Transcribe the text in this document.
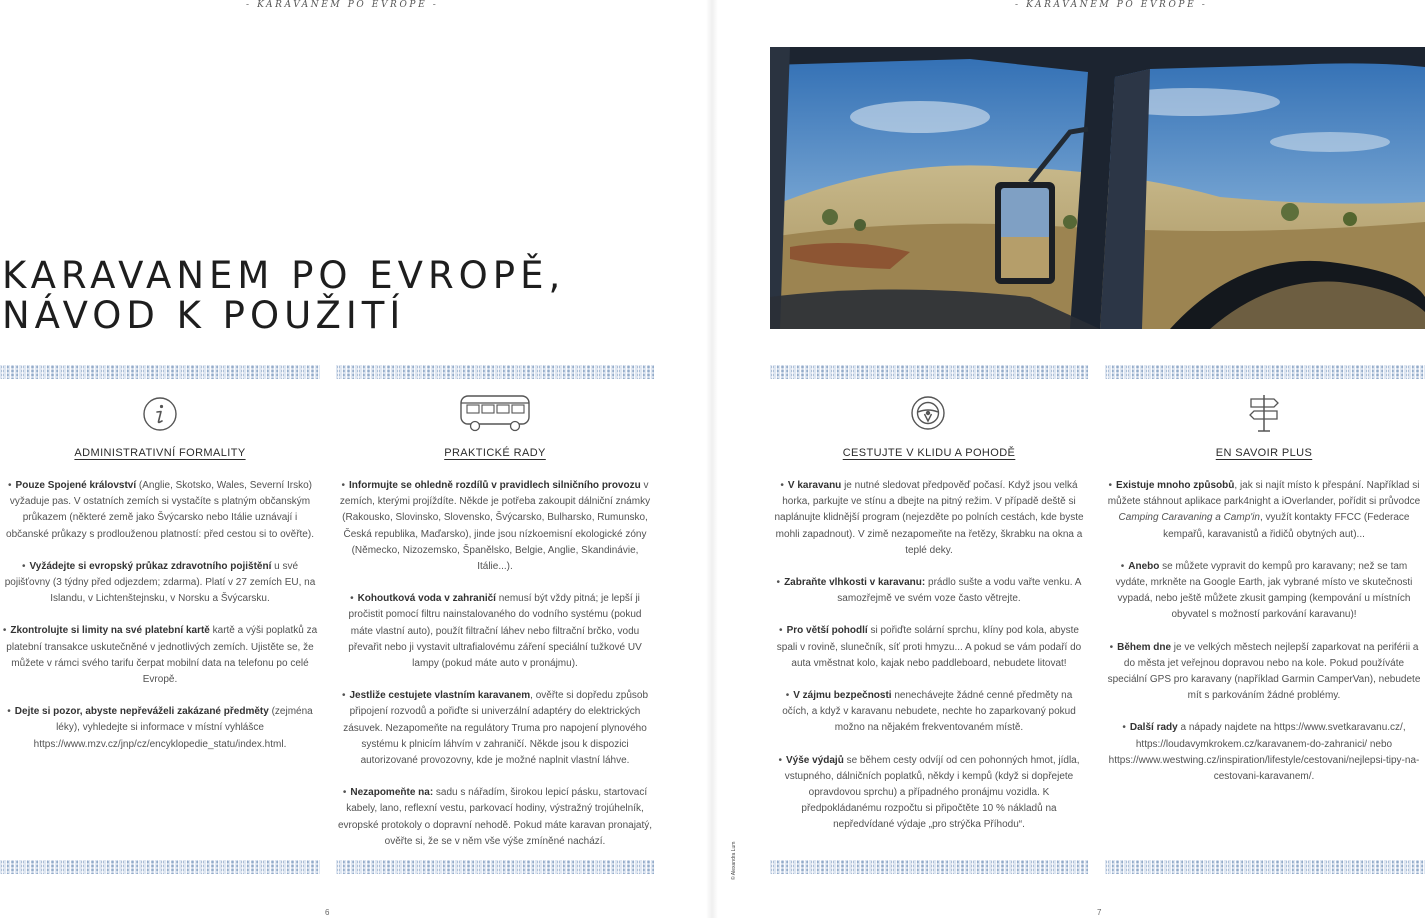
- KARAVANEM PO EVROPĚ -
KARAVANEM PO EVROPĚ,
NÁVOD K POUŽITÍ
ADMINISTRATIVNÍ FORMALITY

• Pouze Spojené království (Anglie, Skotsko, Wales, Severní Irsko) vyžaduje pas. V ostatních zemích si vystačíte s platným občanským průkazem (některé země jako Švýcarsko nebo Itálie uznávají i občanské průkazy s prodlouženou platností: před cestou si to ověřte).

• Vyžádejte si evropský průkaz zdravotního pojištění u své pojišťovny (3 týdny před odjezdem; zdarma). Platí v 27 zemích EU, na Islandu, v Lichtenštejnsku, v Norsku a Švýcarsku.

• Zkontrolujte si limity na své platební kartě kartě a výši poplatků za platební transakce uskutečněné v jednotlivých zemích. Ujistěte se, že můžete v rámci svého tarifu čerpat mobilní data na telefonu po celé Evropě.

• Dejte si pozor, abyste nepřeváželi zakázané předměty (zejména léky), vyhledejte si informace v místní vyhlášce https://www.mzv.cz/jnp/cz/encyklopedie_statu/index.html.

PRAKTICKÉ RADY

• Informujte se ohledně rozdílů v pravidlech silničního provozu v zemích, kterými projíždíte. Někde je potřeba zakoupit dálniční známky (Rakousko, Slovinsko, Slovensko, Švýcarsko, Bulharsko, Rumunsko, Česká republika, Maďarsko), jinde jsou nízkoemisní ekologické zóny (Německo, Nizozemsko, Španělsko, Belgie, Anglie, Skandinávie, Itálie...).

• Kohoutková voda v zahraničí nemusí být vždy pitná; je lepší ji pročistit pomocí filtru nainstalovaného do vodního systému (pokud máte vlastní auto), použít filtrační láhev nebo filtrační brčko, vodu převařit nebo ji vystavit ultrafialovému záření speciální tužkové UV lampy (pokud máte auto v pronájmu).

• Jestliže cestujete vlastním karavanem, ověřte si dopředu způsob připojení rozvodů a pořiďte si univerzální adaptéry do elektrických zásuvek. Nezapomeňte na regulátory Truma pro napojení plynového systému k plnicím láhvím v zahraničí. Někde jsou k dispozici autorizované provozovny, kde je možné naplnit vlastní láhve.

• Nezapomeňte na: sadu s nářadím, širokou lepicí pásku, startovací kabely, lano, reflexní vestu, parkovací hodiny, výstražný trojúhelník, evropské protokoly o dopravní nehodě. Pokud máte karavan pronajatý, ověřte si, že se v něm vše výše zmíněné nachází.

6
- KARAVANEM PO EVROPĚ -
7
© Alexandra Lum
CESTUJTE V KLIDU A POHODĚ

• V karavanu je nutné sledovat předpověď počasí. Když jsou velká horka, parkujte ve stínu a dbejte na pitný režim. V případě deště si naplánujte klidnější program (nejezděte po polních cestách, kde byste mohli zapadnout). V zimě nezapomeňte na řetězy, škrabku na okna a teplé deky.

• Zabraňte vlhkosti v karavanu: prádlo sušte a vodu vařte venku. A samozřejmě ve svém voze často větrejte.

• Pro větší pohodlí si pořiďte solární sprchu, klíny pod kola, abyste spali v rovině, slunečník, síť proti hmyzu... A pokud se vám podaří do auta vměstnat kolo, kajak nebo paddleboard, nebudete litovat!

• V zájmu bezpečnosti nenechávejte žádné cenné předměty na očích, a když v karavanu nebudete, nechte ho zaparkovaný pokud možno na nějakém frekventovaném místě.

• Výše výdajů se během cesty odvíjí od cen pohonných hmot, jídla, vstupného, dálničních poplatků, někdy i kempů (když si dopřejete opravdovou sprchu) a případného pronájmu vozidla. K předpokládanému rozpočtu si připočtěte 10 % nákladů na nepředvídané výdaje „pro strýčka Příhodu“.

EN SAVOIR PLUS

• Existuje mnoho způsobů, jak si najít místo k přespání. Například si můžete stáhnout aplikace park4night a iOverlander, pořídit si průvodce Camping Caravaning a Camp'in, využít kontakty FFCC (Federace kempařů, karavanistů a řidičů obytných aut)...

• Anebo se můžete vypravit do kempů pro karavany; než se tam vydáte, mrkněte na Google Earth, jak vybrané místo ve skutečnosti vypadá, nebo ještě můžete zkusit gamping (kempování u místních obyvatel s možností parkování karavanu)!

• Během dne je ve velkých městech nejlepší zaparkovat na periférii a do města jet veřejnou dopravou nebo na kole. Pokud používáte speciální GPS pro karavany (například Garmin CamperVan), nebudete mít s parkováním žádné problémy.

• Další rady a nápady najdete na https://www.svetkaravanu.cz/, https://loudavymkrokem.cz/karavanem-do-zahranici/ nebo https://www.westwing.cz/inspiration/lifestyle/cestovani/nejlepsi-tipy-na-cestovani-karavanem/.
